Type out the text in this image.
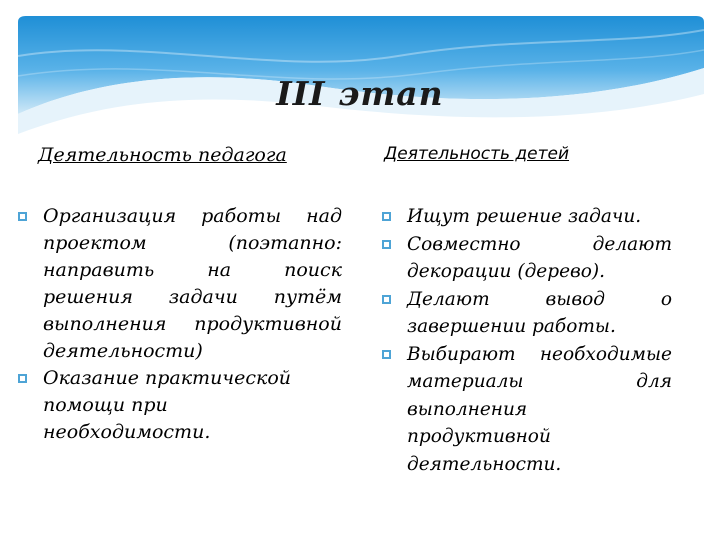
III этап
Деятельность педагога	Деятельность детей
Организация работы над
проектом (поэтапно:
направить на поиск
решения задачи путём
выполнения продуктивной
деятельности)
Оказание практической
помощи при
необходимости.
Ищут решение задачи.
Совместно делают
декорации (дерево).
Делают вывод о
завершении работы.
Выбирают необходимые
материалы для
выполнения
продуктивной
деятельности.
